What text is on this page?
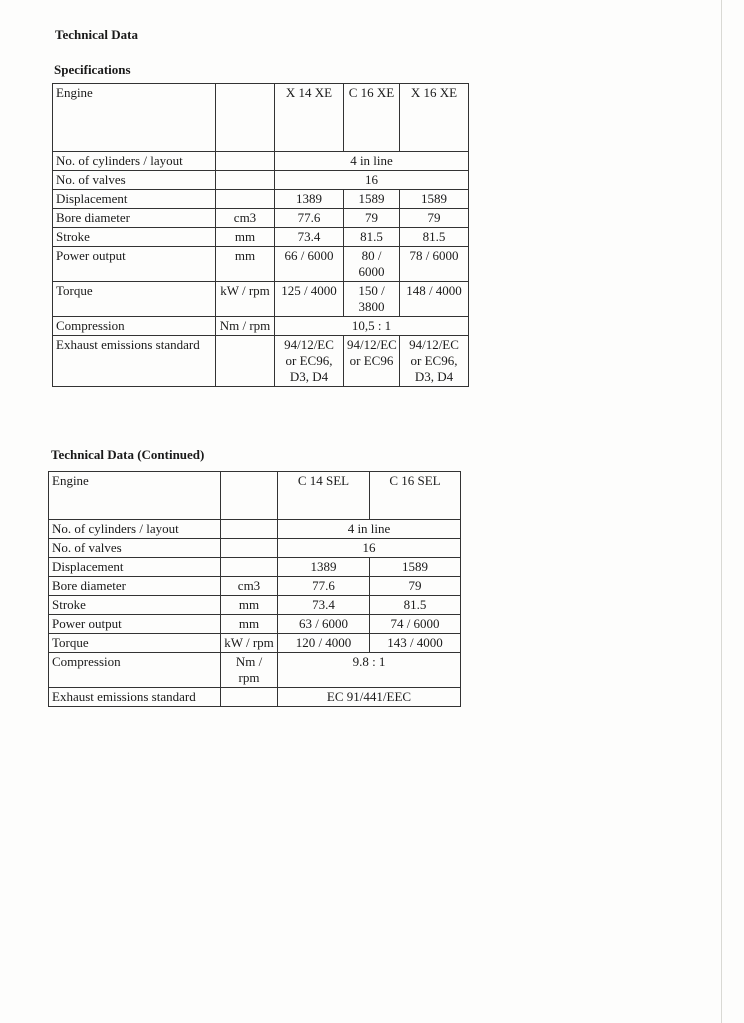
Technical Data
Specifications
Engine		X 14 XE	C 16 XE	X 16 XE
No. of cylinders / layout		4 in line		
No. of valves		16		
Displacement		1389	1589	1589
Bore diameter	cm3	77.6	79	79
Stroke	mm	73.4	81.5	81.5
Power output	mm	66 / 6000	80 / 6000	78 / 6000
Torque	kW / rpm	125 / 4000	150 / 3800	148 / 4000
Compression	Nm / rpm	10,5 : 1		
Exhaust emissions standard		94/12/EC or EC96, D3, D4	94/12/EC or EC96	94/12/EC or EC96, D3, D4
Technical Data (Continued)
Engine		C 14 SEL	C 16 SEL
No. of cylinders / layout		4 in line	
No. of valves		16	
Displacement		1389	1589
Bore diameter	cm3	77.6	79
Stroke	mm	73.4	81.5
Power output	mm	63 / 6000	74 / 6000
Torque	kW / rpm	120 / 4000	143 / 4000
Compression	Nm / rpm	9.8 : 1	
Exhaust emissions standard		EC 91/441/EEC	
